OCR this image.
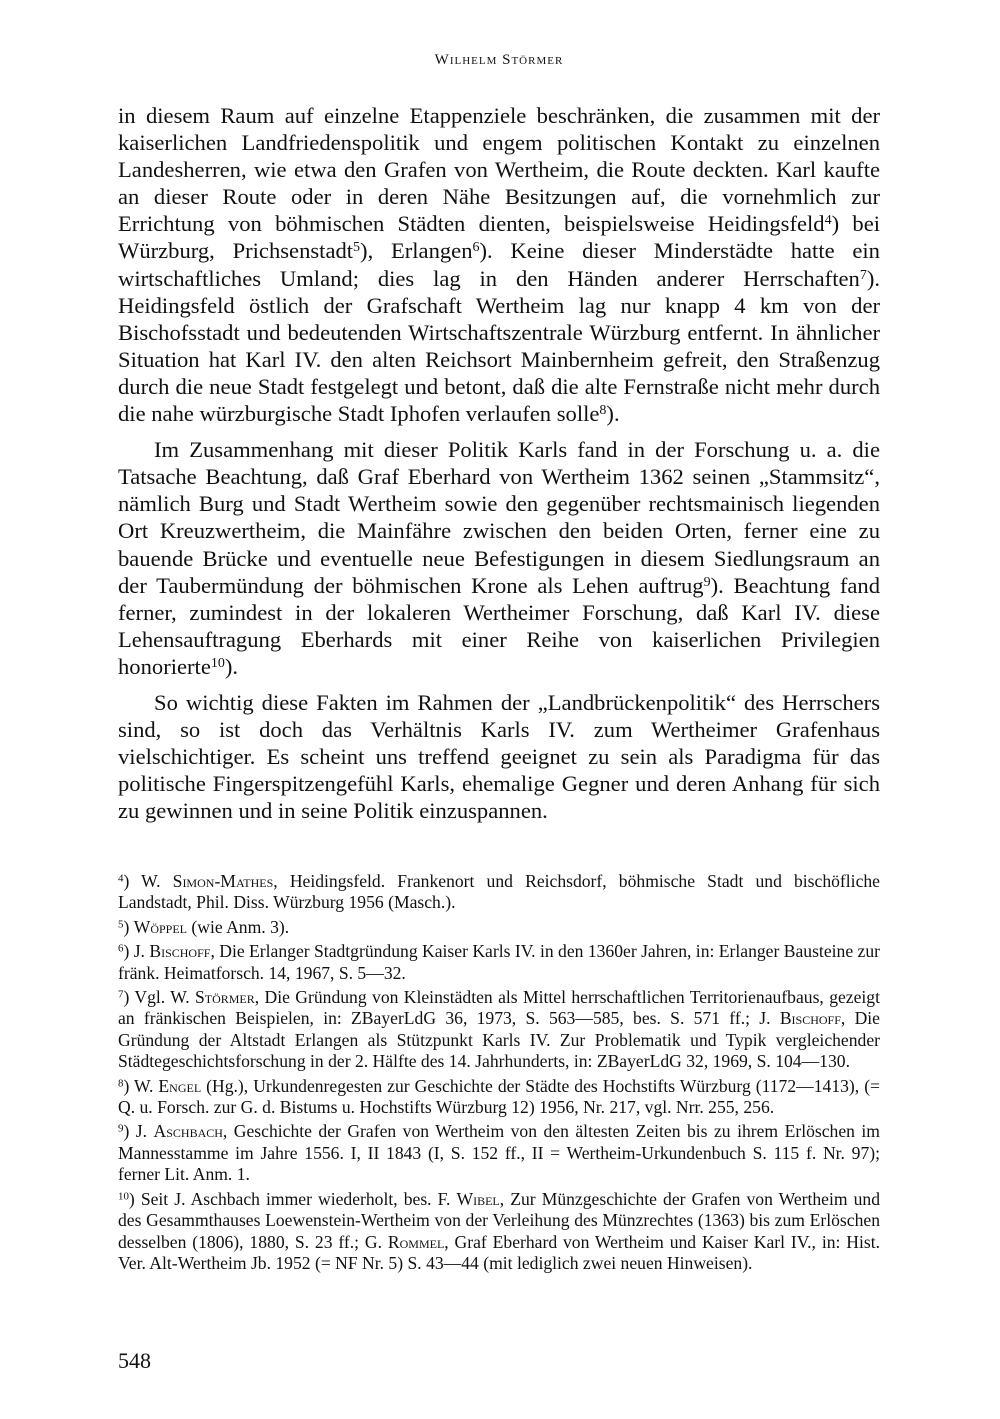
Wilhelm Störmer

in diesem Raum auf einzelne Etappenziele beschränken, die zusammen mit der kaiserlichen Landfriedenspolitik und engem politischen Kontakt zu einzelnen Landesherren, wie etwa den Grafen von Wertheim, die Route deckten. Karl kaufte an dieser Route oder in deren Nähe Besitzungen auf, die vornehmlich zur Errichtung von böhmischen Städten dienten, beispielsweise Heidingsfeld$^4$) bei Würzburg, Prichsenstadt$^5$), Erlangen$^6$). Keine dieser Minderstädte hatte ein wirtschaftliches Umland; dies lag in den Händen anderer Herrschaften$^7$). Heidingsfeld östlich der Grafschaft Wertheim lag nur knapp 4 km von der Bischofsstadt und bedeutenden Wirtschaftszentrale Würzburg entfernt. In ähnlicher Situation hat Karl IV. den alten Reichsort Mainbernheim gefreit, den Straßenzug durch die neue Stadt festgelegt und betont, daß die alte Fernstraße nicht mehr durch die nahe würzburgische Stadt Iphofen verlaufen solle$^8$).

Im Zusammenhang mit dieser Politik Karls fand in der Forschung u. a. die Tatsache Beachtung, daß Graf Eberhard von Wertheim 1362 seinen „Stammsitz“, nämlich Burg und Stadt Wertheim sowie den gegenüber rechtsmainisch liegenden Ort Kreuzwertheim, die Mainfähre zwischen den beiden Orten, ferner eine zu bauende Brücke und eventuelle neue Befestigungen in diesem Siedlungsraum an der Taubermündung der böhmischen Krone als Lehen auftrug$^9$). Beachtung fand ferner, zumindest in der lokaleren Wertheimer Forschung, daß Karl IV. diese Lehensauftragung Eberhards mit einer Reihe von kaiserlichen Privilegien honorierte$^{10}$).

So wichtig diese Fakten im Rahmen der „Landbrückenpolitik“ des Herrschers sind, so ist doch das Verhältnis Karls IV. zum Wertheimer Grafenhaus vielschichtiger. Es scheint uns treffend geeignet zu sein als Paradigma für das politische Fingerspitzengefühl Karls, ehemalige Gegner und deren Anhang für sich zu gewinnen und in seine Politik einzuspannen.

$^4$) W. Simon-Mathes, Heidingsfeld. Frankenort und Reichsdorf, böhmische Stadt und bischöfliche Landstadt, Phil. Diss. Würzburg 1956 (Masch.).
$^5$) Wöppel (wie Anm. 3).
$^6$) J. Bischoff, Die Erlanger Stadtgründung Kaiser Karls IV. in den 1360er Jahren, in: Erlanger Bausteine zur fränk. Heimatforsch. 14, 1967, S. 5—32.
$^7$) Vgl. W. Störmer, Die Gründung von Kleinstädten als Mittel herrschaftlichen Territorienaufbaus, gezeigt an fränkischen Beispielen, in: ZBayerLdG 36, 1973, S. 563—585, bes. S. 571 ff.; J. Bischoff, Die Gründung der Altstadt Erlangen als Stützpunkt Karls IV. Zur Problematik und Typik vergleichender Städtegeschichtsforschung in der 2. Hälfte des 14. Jahrhunderts, in: ZBayerLdG 32, 1969, S. 104—130.
$^8$) W. Engel (Hg.), Urkundenregesten zur Geschichte der Städte des Hochstifts Würzburg (1172—1413), (= Q. u. Forsch. zur G. d. Bistums u. Hochstifts Würzburg 12) 1956, Nr. 217, vgl. Nrr. 255, 256.
$^9$) J. Aschbach, Geschichte der Grafen von Wertheim von den ältesten Zeiten bis zu ihrem Erlöschen im Mannesstamme im Jahre 1556. I, II 1843 (I, S. 152 ff., II = Wertheim-Urkundenbuch S. 115 f. Nr. 97); ferner Lit. Anm. 1.
$^{10}$) Seit J. Aschbach immer wiederholt, bes. F. Wibel, Zur Münzgeschichte der Grafen von Wertheim und des Gesammthauses Loewenstein-Wertheim von der Verleihung des Münzrechtes (1363) bis zum Erlöschen desselben (1806), 1880, S. 23 ff.; G. Rommel, Graf Eberhard von Wertheim und Kaiser Karl IV., in: Hist. Ver. Alt-Wertheim Jb. 1952 (= NF Nr. 5) S. 43—44 (mit lediglich zwei neuen Hinweisen).
548
